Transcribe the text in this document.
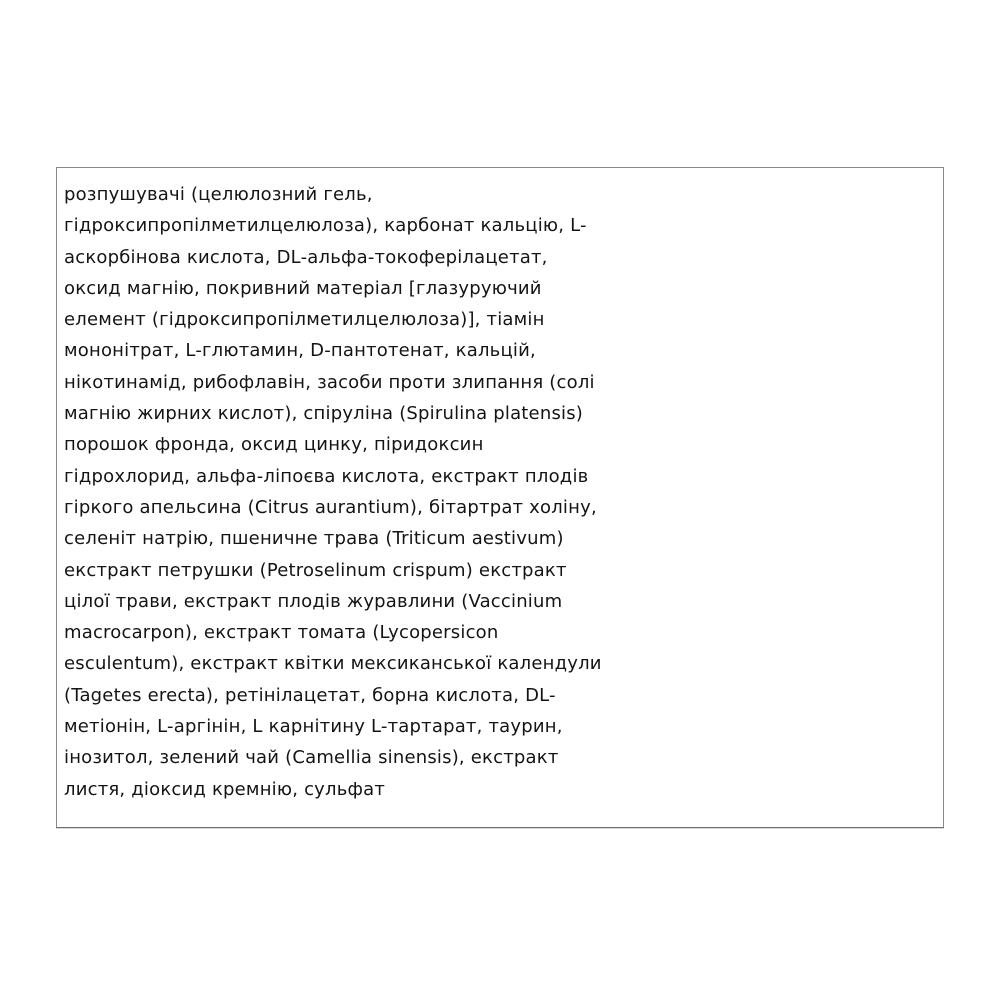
розпушувачі (целюлозний гель,
гідроксипропілметилцелюлоза), карбонат кальцію, L-
аскорбінова кислота, DL-альфа-токоферілацетат,
оксид магнію, покривний матеріал [глазуруючий
елемент (гідроксипропілметилцелюлоза)], тіамін
мононітрат, L-глютамин, D-пантотенат, кальцій,
нікотинамід, рибофлавін, засоби проти злипання (солі
магнію жирних кислот), спіруліна (Spirulina platensis)
порошок фронда, оксид цинку, піридоксин
гідрохлорид, альфа-ліпоєва кислота, екстракт плодів
гіркого апельсина (Citrus aurantium), бітартрат холіну,
селеніт натрію, пшеничне трава (Triticum aestivum)
екстракт петрушки (Petroselinum crispum) екстракт
цілої трави, екстракт плодів журавлини (Vaccinium
macrocarpon), екстракт томата (Lycopersicon
esculentum), екстракт квітки мексиканської календули
(Tagetes erecta), ретінілацетат, борна кислота, DL-
метіонін, L-аргінін, L карнітину L-тартарат, таурин,
інозитол, зелений чай (Camellia sinensis), екстракт
листя, діоксид кремнію, сульфат
